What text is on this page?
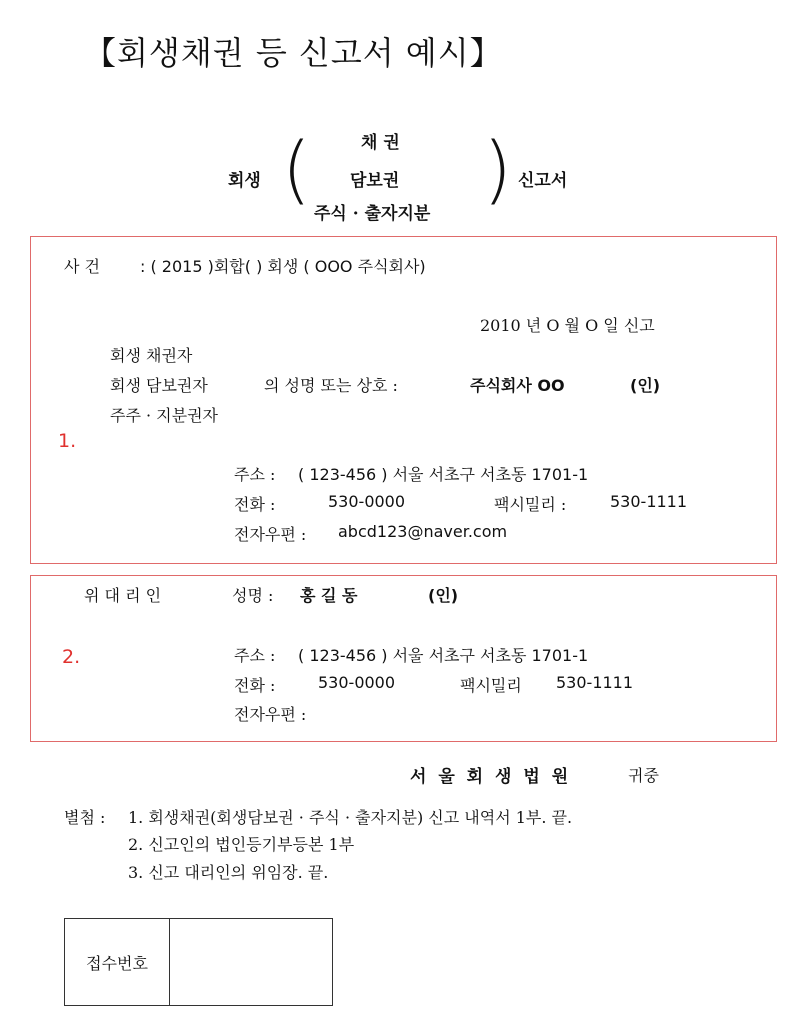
【회생채권 등 신고서 예시】
회생 (	채 권
담보권
주식 · 출자지분
) 신고서
사 건	: ( 2015 )회합( ) 회생 ( OOO 주식회사)
2010 년 O 월 O 일 신고
회생 채권자
회생 담보권자	의 성명 또는 상호 :	주식회사 OO	(인)
주주 · 지분권자
1.
주소 : ( 123-456 ) 서울 서초구 서초동 1701-1
전화 :	530-0000	팩시밀리 :	530-1111
전자우편 : abcd123@naver.com
위 대 리 인	성명 : 홍 길 동	(인)
2.	주소 : ( 123-456 ) 서울 서초구 서초동 1701-1
전화 :	530-0000	팩시밀리 530-1111
전자우편 :
서 울 회 생 법 원	귀중
별첨 : 1. 회생채권(회생담보권 · 주식 · 출자지분) 신고 내역서 1부. 끝.
2. 신고인의 법인등기부등본 1부
3. 신고 대리인의 위임장. 끝.
접수번호
